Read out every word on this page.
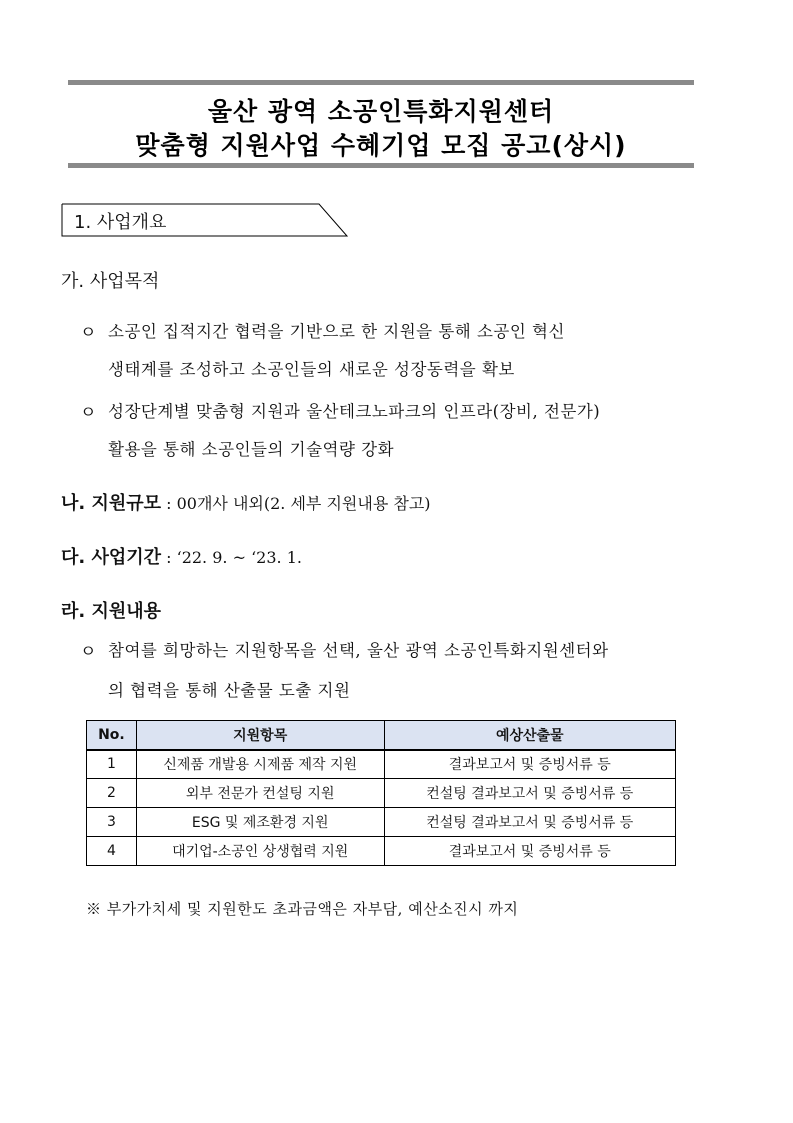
울산 광역 소공인특화지원센터
맞춤형 지원사업 수혜기업 모집 공고(상시)
1. 사업개요
가. 사업목적
ㅇ 소공인 집적지간 협력을 기반으로 한 지원을 통해 소공인 혁신
생태계를 조성하고 소공인들의 새로운 성장동력을 확보
ㅇ 성장단계별 맞춤형 지원과 울산테크노파크의 인프라(장비, 전문가)
활용을 통해 소공인들의 기술역량 강화
나. 지원규모 : 00개사 내외(2. 세부 지원내용 참고)
다. 사업기간 : ‘22. 9. ~ ‘23. 1.
라. 지원내용
ㅇ 참여를 희망하는 지원항목을 선택, 울산 광역 소공인특화지원센터와
의 협력을 통해 산출물 도출 지원
No.	지원항목	예상산출물
1	신제품 개발용 시제품 제작 지원	결과보고서 및 증빙서류 등
2	외부 전문가 컨설팅 지원	컨설팅 결과보고서 및 증빙서류 등
3	ESG 및 제조환경 지원	컨설팅 결과보고서 및 증빙서류 등
4	대기업-소공인 상생협력 지원	결과보고서 및 증빙서류 등
※ 부가가치세 및 지원한도 초과금액은 자부담, 예산소진시 까지
